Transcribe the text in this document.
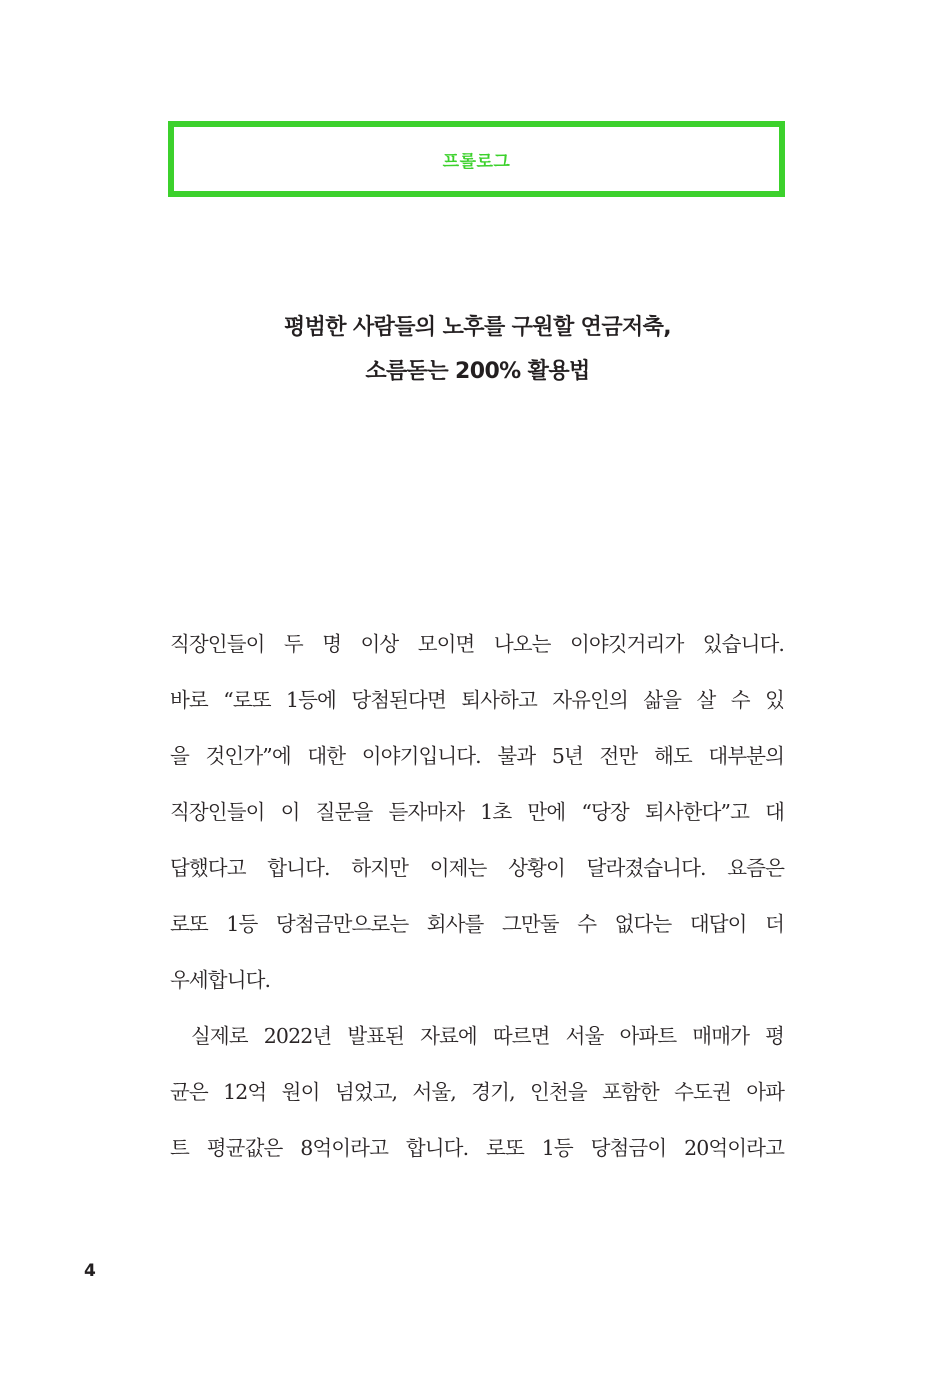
프롤로그
평범한 사람들의 노후를 구원할 연금저축,
소름돋는 200% 활용법
직장인들이 두 명 이상 모이면 나오는 이야깃거리가 있습니다.
바로 “로또 1등에 당첨된다면 퇴사하고 자유인의 삶을 살 수 있
을 것인가”에 대한 이야기입니다. 불과 5년 전만 해도 대부분의
직장인들이 이 질문을 듣자마자 1초 만에 “당장 퇴사한다”고 대
답했다고 합니다. 하지만 이제는 상황이 달라졌습니다. 요즘은
로또 1등 당첨금만으로는 회사를 그만둘 수 없다는 대답이 더
우세합니다.
실제로 2022년 발표된 자료에 따르면 서울 아파트 매매가 평
균은 12억 원이 넘었고, 서울, 경기, 인천을 포함한 수도권 아파
트 평균값은 8억이라고 합니다. 로또 1등 당첨금이 20억이라고
4
